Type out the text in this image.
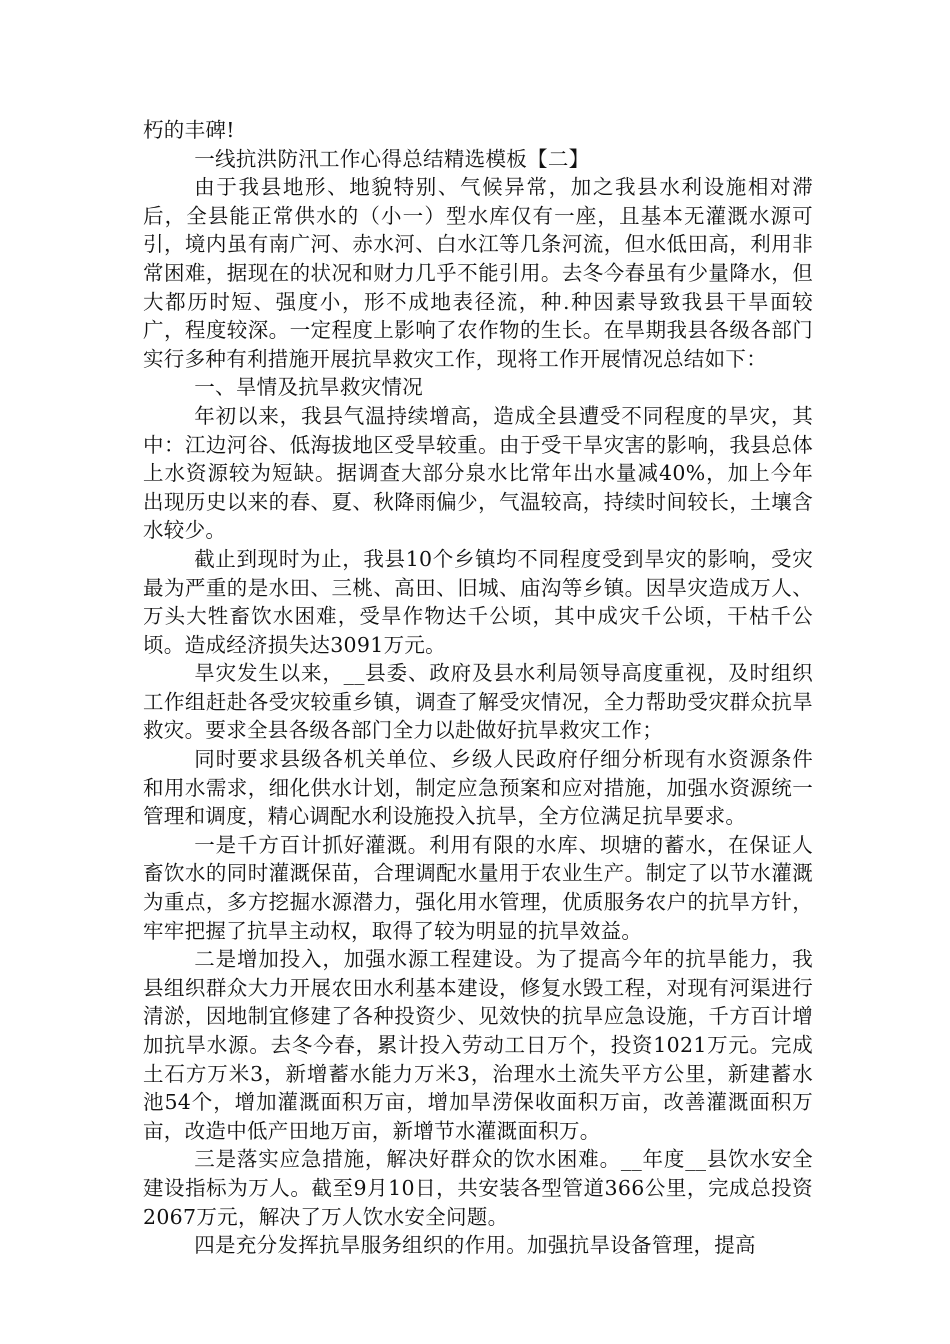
朽的丰碑!

一线抗洪防汛工作心得总结精选模板【二】

由于我县地形、地貌特别、气候异常，加之我县水利设施相对滞后，全县能正常供水的（小一）型水库仅有一座，且基本无灌溉水源可引，境内虽有南广河、赤水河、白水江等几条河流，但水低田高，利用非常困难，据现在的状况和财力几乎不能引用。去冬今春虽有少量降水，但大都历时短、强度小，形不成地表径流，种.种因素导致我县干旱面较广，程度较深。一定程度上影响了农作物的生长。在旱期我县各级各部门实行多种有利措施开展抗旱救灾工作，现将工作开展情况总结如下：

一、旱情及抗旱救灾情况

年初以来，我县气温持续增高，造成全县遭受不同程度的旱灾，其中：江边河谷、低海拔地区受旱较重。由于受干旱灾害的影响，我县总体上水资源较为短缺。据调查大部分泉水比常年出水量减40%，加上今年出现历史以来的春、夏、秋降雨偏少，气温较高，持续时间较长，土壤含水较少。

截止到现时为止，我县10个乡镇均不同程度受到旱灾的影响，受灾最为严重的是水田、三桃、高田、旧城、庙沟等乡镇。因旱灾造成万人、万头大牲畜饮水困难，受旱作物达千公顷，其中成灾千公顷，干枯千公顷。造成经济损失达3091万元。

旱灾发生以来，__县委、政府及县水利局领导高度重视，及时组织工作组赶赴各受灾较重乡镇，调查了解受灾情况，全力帮助受灾群众抗旱救灾。要求全县各级各部门全力以赴做好抗旱救灾工作；

同时要求县级各机关单位、乡级人民政府仔细分析现有水资源条件和用水需求，细化供水计划，制定应急预案和应对措施，加强水资源统一管理和调度，精心调配水利设施投入抗旱，全方位满足抗旱要求。

一是千方百计抓好灌溉。利用有限的水库、坝塘的蓄水，在保证人畜饮水的同时灌溉保苗，合理调配水量用于农业生产。制定了以节水灌溉为重点，多方挖掘水源潜力，强化用水管理，优质服务农户的抗旱方针，牢牢把握了抗旱主动权，取得了较为明显的抗旱效益。

二是增加投入，加强水源工程建设。为了提高今年的抗旱能力，我县组织群众大力开展农田水利基本建设，修复水毁工程，对现有河渠进行清淤，因地制宜修建了各种投资少、见效快的抗旱应急设施，千方百计增加抗旱水源。去冬今春，累计投入劳动工日万个，投资1021万元。完成土石方万米3，新增蓄水能力万米3，治理水土流失平方公里，新建蓄水池54个，增加灌溉面积万亩，增加旱涝保收面积万亩，改善灌溉面积万亩，改造中低产田地万亩，新增节水灌溉面积万。

三是落实应急措施，解决好群众的饮水困难。__年度__县饮水安全建设指标为万人。截至9月10日，共安装各型管道366公里，完成总投资2067万元，解决了万人饮水安全问题。

四是充分发挥抗旱服务组织的作用。加强抗旱设备管理，提高
